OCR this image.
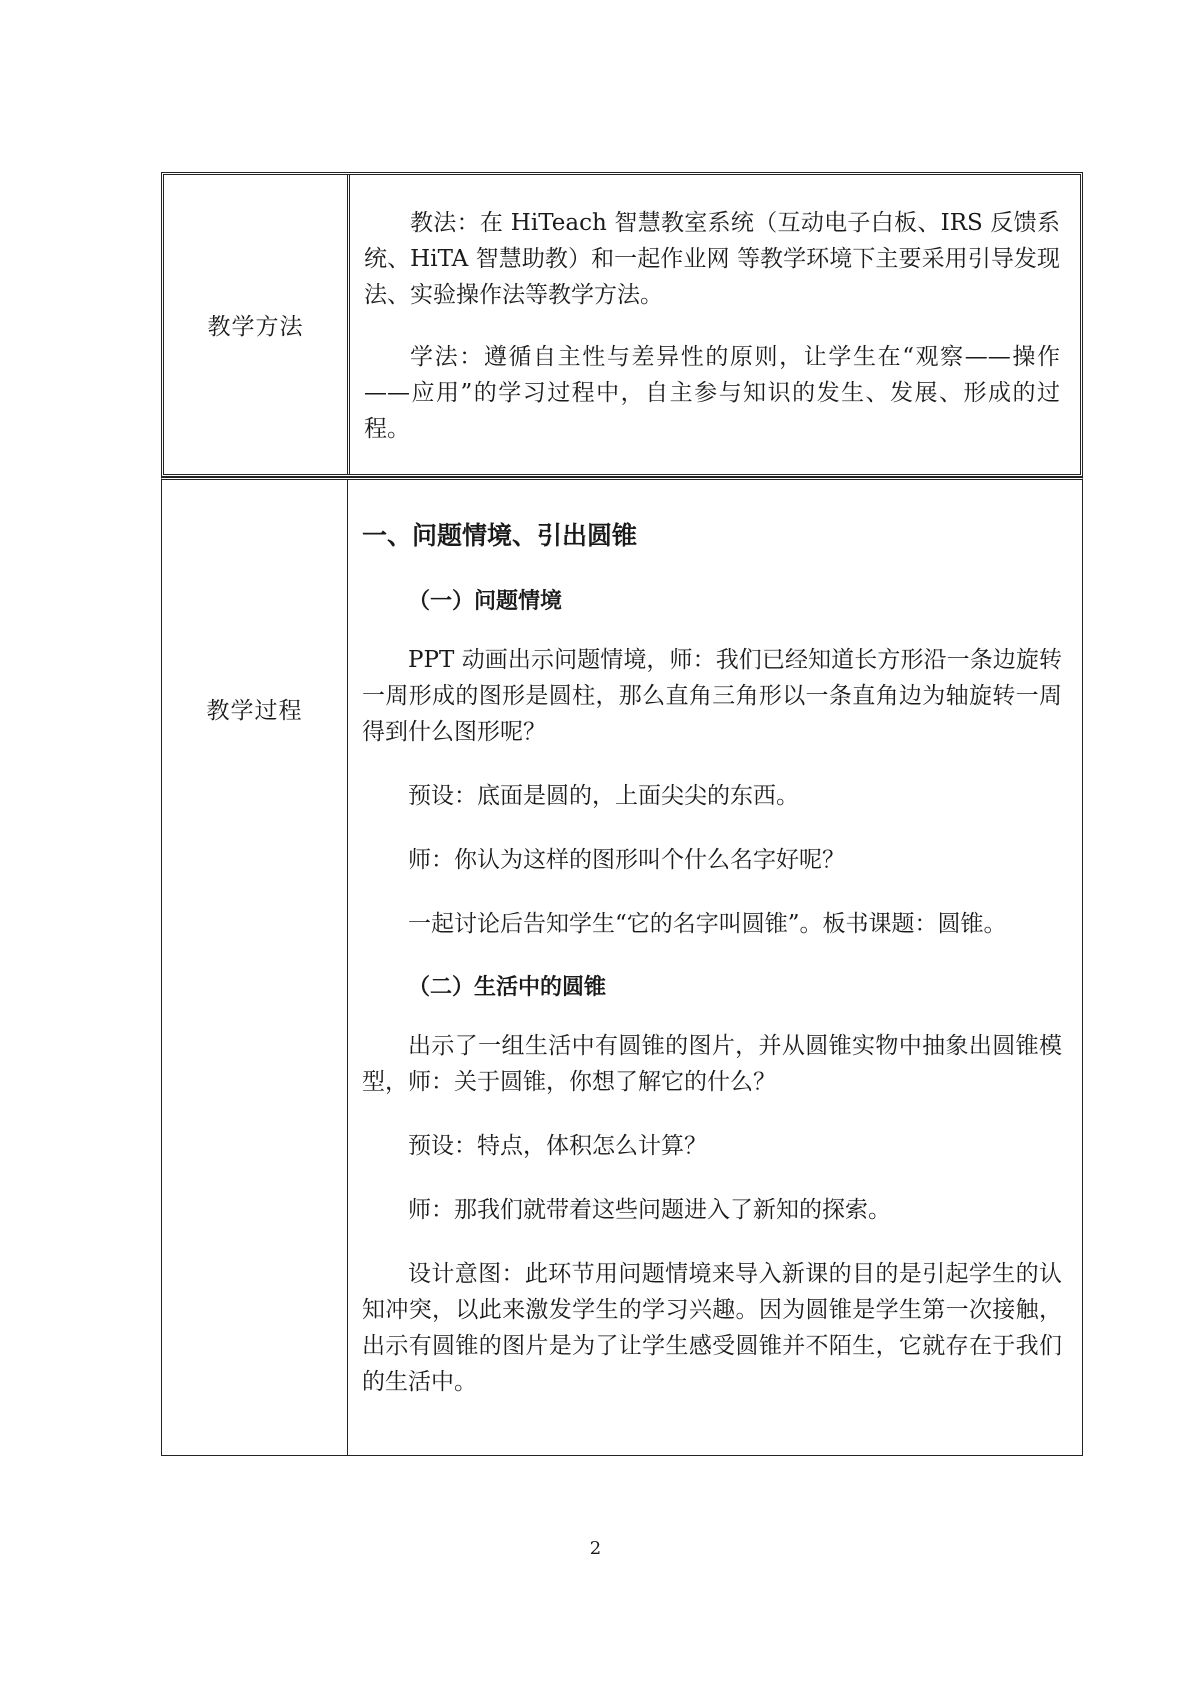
教学方法

教法：在 HiTeach 智慧教室系统（互动电子白板、IRS 反馈系统、HiTA 智慧助教）和一起作业网 等教学环境下主要采用引导发现法、实验操作法等教学方法。

学法：遵循自主性与差异性的原则，让学生在“观察——操作——应用”的学习过程中，自主参与知识的发生、发展、形成的过程。

教学过程

一、问题情境、引出圆锥

（一）问题情境

PPT 动画出示问题情境，师：我们已经知道长方形沿一条边旋转一周形成的图形是圆柱，那么直角三角形以一条直角边为轴旋转一周得到什么图形呢？

预设：底面是圆的，上面尖尖的东西。

师：你认为这样的图形叫个什么名字好呢？

一起讨论后告知学生“它的名字叫圆锥”。板书课题：圆锥。

（二）生活中的圆锥

出示了一组生活中有圆锥的图片，并从圆锥实物中抽象出圆锥模型，师：关于圆锥，你想了解它的什么？

预设：特点，体积怎么计算？

师：那我们就带着这些问题进入了新知的探索。

设计意图：此环节用问题情境来导入新课的目的是引起学生的认知冲突，以此来激发学生的学习兴趣。因为圆锥是学生第一次接触，出示有圆锥的图片是为了让学生感受圆锥并不陌生，它就存在于我们的生活中。

2
